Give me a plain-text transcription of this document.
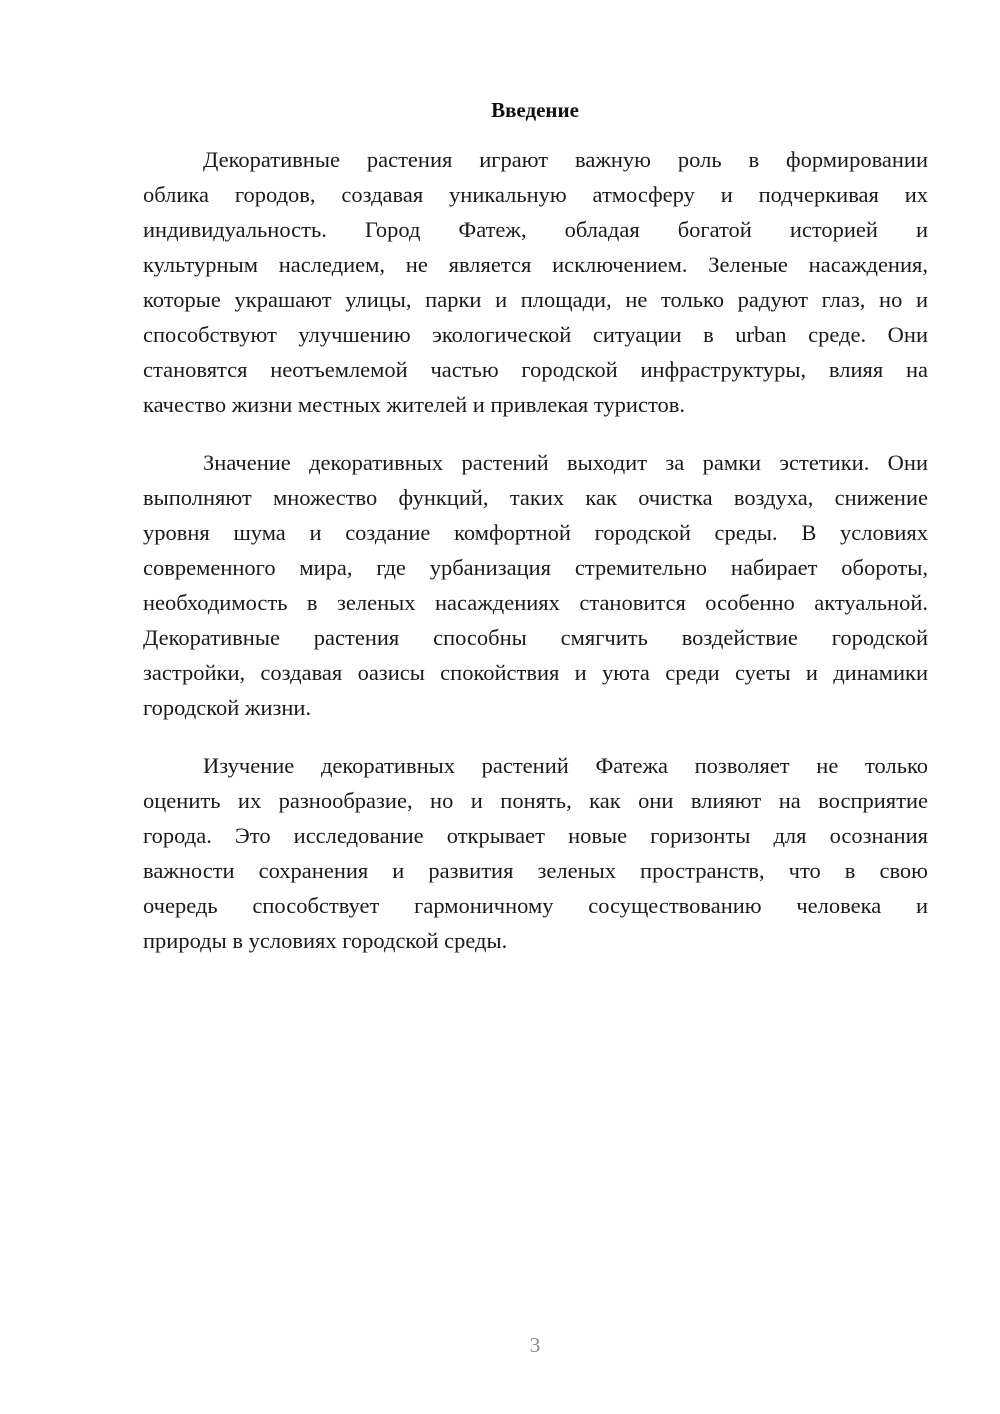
Введение
Декоративные растения играют важную роль в формировании
облика городов, создавая уникальную атмосферу и подчеркивая их
индивидуальность. Город Фатеж, обладая богатой историей и
культурным наследием, не является исключением. Зеленые насаждения,
которые украшают улицы, парки и площади, не только радуют глаз, но и
способствуют улучшению экологической ситуации в urban среде. Они
становятся неотъемлемой частью городской инфраструктуры, влияя на
качество жизни местных жителей и привлекая туристов.
Значение декоративных растений выходит за рамки эстетики. Они
выполняют множество функций, таких как очистка воздуха, снижение
уровня шума и создание комфортной городской среды. В условиях
современного мира, где урбанизация стремительно набирает обороты,
необходимость в зеленых насаждениях становится особенно актуальной.
Декоративные растения способны смягчить воздействие городской
застройки, создавая оазисы спокойствия и уюта среди суеты и динамики
городской жизни.
Изучение декоративных растений Фатежа позволяет не только
оценить их разнообразие, но и понять, как они влияют на восприятие
города. Это исследование открывает новые горизонты для осознания
важности сохранения и развития зеленых пространств, что в свою
очередь способствует гармоничному сосуществованию человека и
природы в условиях городской среды.
3
